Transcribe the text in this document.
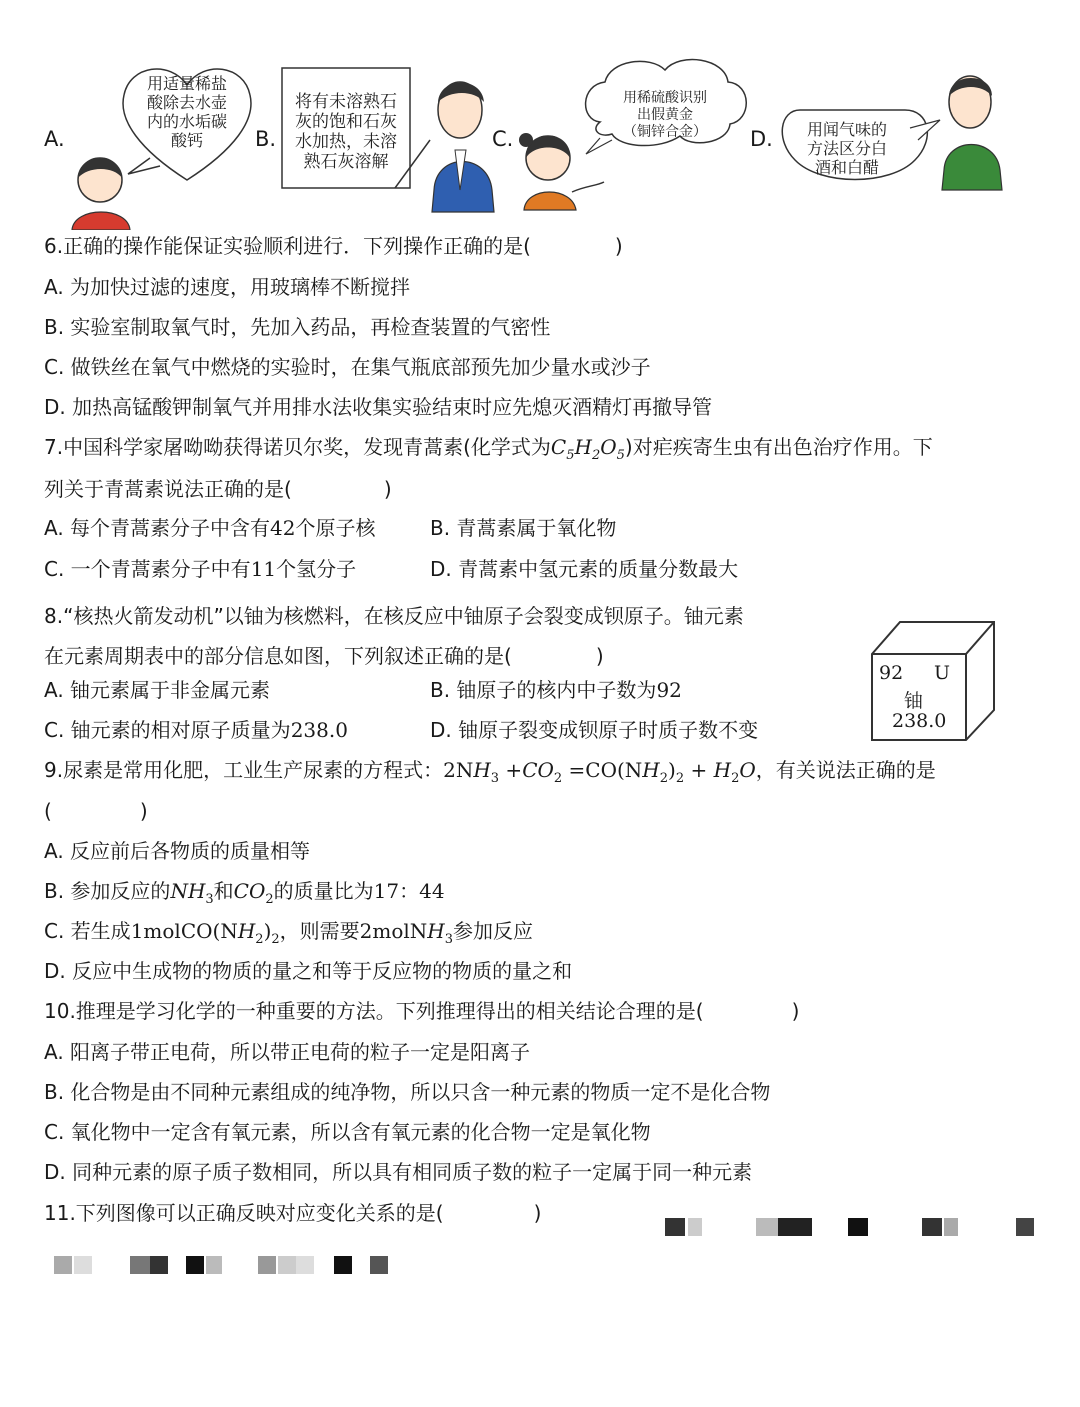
A.	B.	C.	D.
用适量稀盐
酸除去水壶
内的水垢碳
酸钙
将有未溶熟石
灰的饱和石灰
水加热，未溶
熟石灰溶解
用稀硫酸识别
出假黄金
（铜锌合金）	用闻气味的
方法区分白
酒和白醋
6.正确的操作能保证实验顺利进行．下列操作正确的是(	)
A. 为加快过滤的速度，用玻璃棒不断搅拌
B. 实验室制取氧气时，先加入药品，再检查装置的气密性
C. 做铁丝在氧气中燃烧的实验时，在集气瓶底部预先加少量水或沙子
D. 加热高锰酸钾制氧气并用排水法收集实验结束时应先熄灭酒精灯再撤导管
7.中国科学家屠呦呦获得诺贝尔奖，发现青蒿素(化学式为$C_5H_2O_5$)对疟疾寄生虫有出色治疗作用。下
列关于青蒿素说法正确的是(	)
A. 每个青蒿素分子中含有42个原子核	B. 青蒿素属于氧化物
C. 一个青蒿素分子中有11个氢分子	D. 青蒿素中氢元素的质量分数最大
8.“核热火箭发动机”以铀为核燃料，在核反应中铀原子会裂变成钡原子。铀元素
在元素周期表中的部分信息如图，下列叙述正确的是(	)
A. 铀元素属于非金属元素	B. 铀原子的核内中子数为92
C. 铀元素的相对原子质量为238.0	D. 铀原子裂变成钡原子时质子数不变
92 U
铀
238.0
9.尿素是常用化肥，工业生产尿素的方程式：$2NH_3 +CO_2 =CO(NH_2)_2 + H_2O$，有关说法正确的是
(	)
A. 反应前后各物质的质量相等
B. 参加反应的$NH_3$和$CO_2$的质量比为17：44
C. 若生成$1molCO(NH_2)_2$，则需要2molNH$_3$参加反应
D. 反应中生成物的物质的量之和等于反应物的物质的量之和
10.推理是学习化学的一种重要的方法。下列推理得出的相关结论合理的是(	)
A. 阳离子带正电荷，所以带正电荷的粒子一定是阳离子
B. 化合物是由不同种元素组成的纯净物，所以只含一种元素的物质一定不是化合物
C. 氧化物中一定含有氧元素，所以含有氧元素的化合物一定是氧化物
D. 同种元素的原子质子数相同，所以具有相同质子数的粒子一定属于同一种元素
11.下列图像可以正确反映对应变化关系的是(	)
